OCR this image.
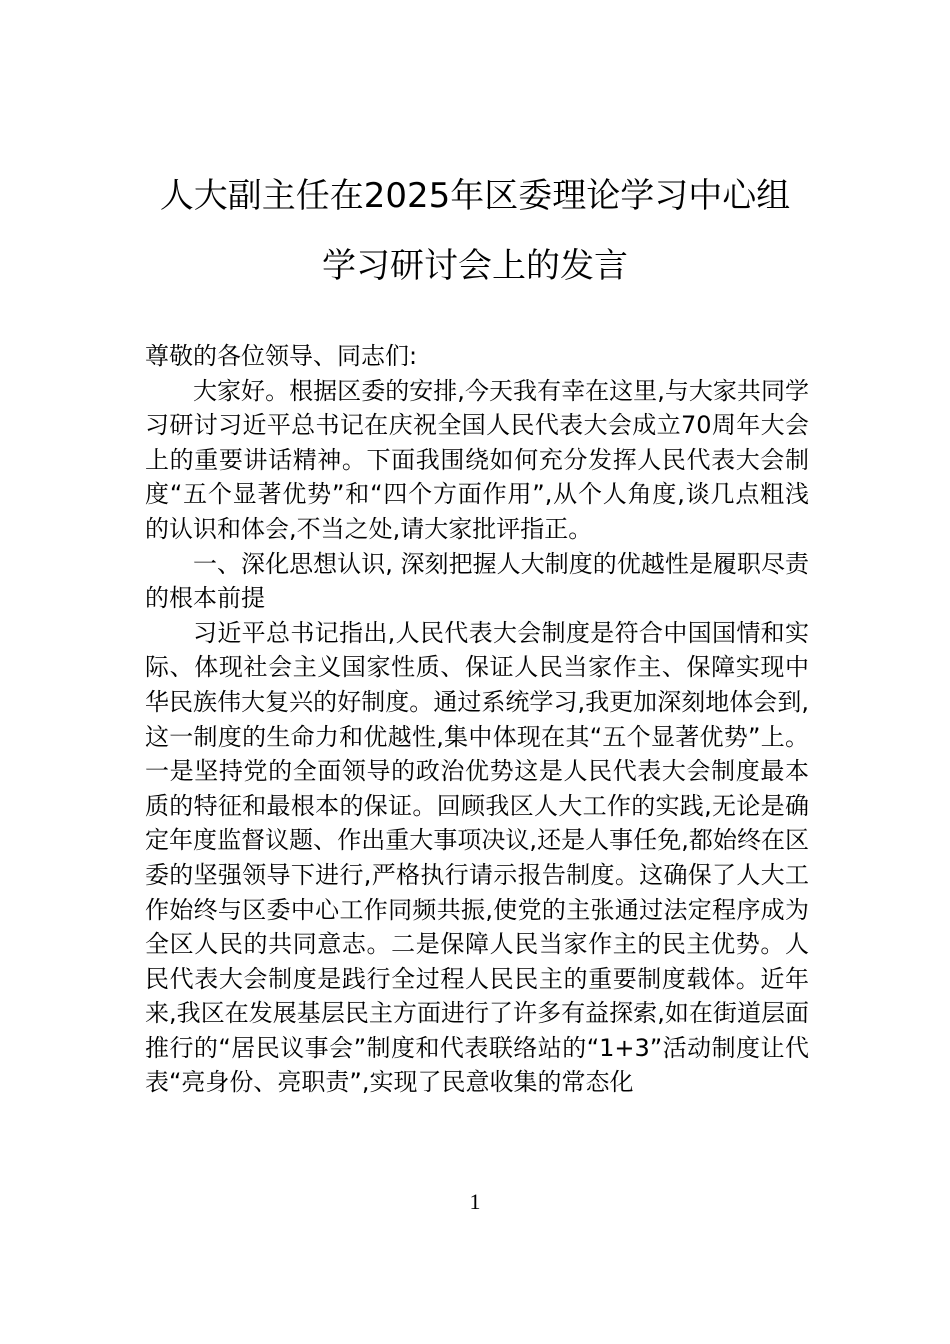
人大副主任在2025年区委理论学习中心组
学习研讨会上的发言

尊敬的各位领导、同志们:

大家好。根据区委的安排,今天我有幸在这里,与大家共同学习研讨习近平总书记在庆祝全国人民代表大会成立70周年大会上的重要讲话精神。下面我围绕如何充分发挥人民代表大会制度“五个显著优势”和“四个方面作用”,从个人角度,谈几点粗浅的认识和体会,不当之处,请大家批评指正。

一、深化思想认识, 深刻把握人大制度的优越性是履职尽责的根本前提

习近平总书记指出,人民代表大会制度是符合中国国情和实际、体现社会主义国家性质、保证人民当家作主、保障实现中华民族伟大复兴的好制度。通过系统学习,我更加深刻地体会到,这一制度的生命力和优越性,集中体现在其“五个显著优势”上。一是坚持党的全面领导的政治优势这是人民代表大会制度最本质的特征和最根本的保证。回顾我区人大工作的实践,无论是确定年度监督议题、作出重大事项决议,还是人事任免,都始终在区委的坚强领导下进行,严格执行请示报告制度。这确保了人大工作始终与区委中心工作同频共振,使党的主张通过法定程序成为全区人民的共同意志。二是保障人民当家作主的民主优势。人民代表大会制度是践行全过程人民民主的重要制度载体。近年来,我区在发展基层民主方面进行了许多有益探索,如在街道层面推行的“居民议事会”制度和代表联络站的“1+3”活动制度让代表“亮身份、亮职责”,实现了民意收集的常态化

1
